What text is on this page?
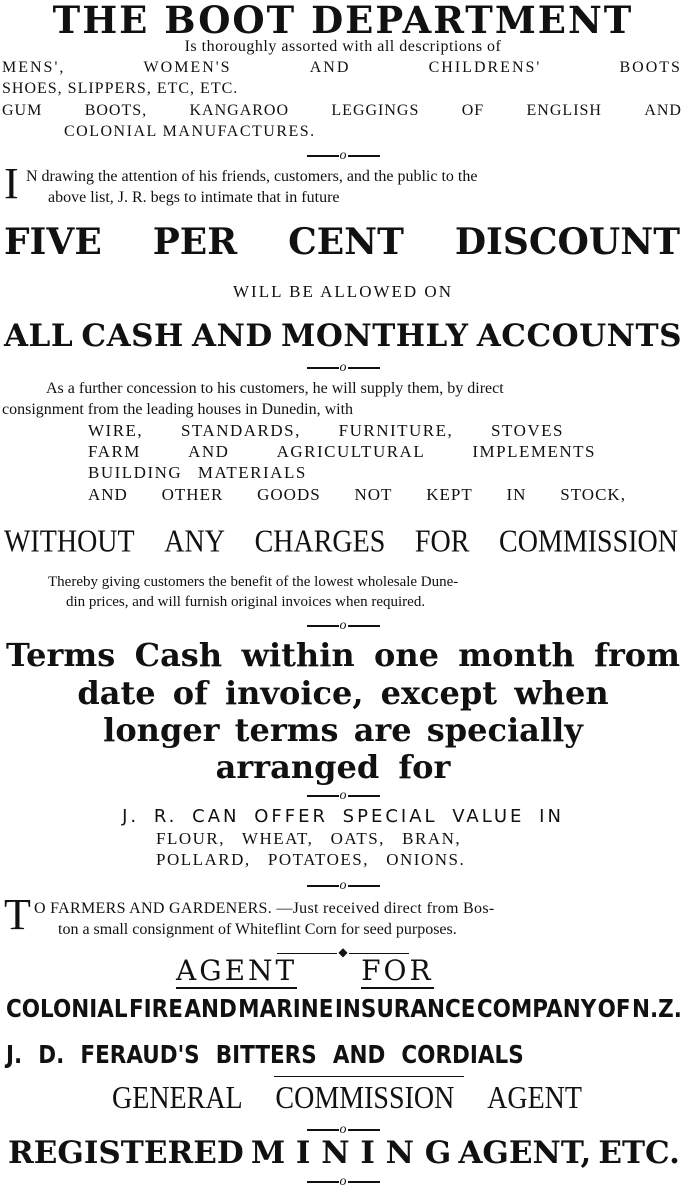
THE BOOT DEPARTMENT
Is thoroughly assorted with all descriptions of
MENS',	WOMEN'S	AND	CHILDRENS'	BOOTS
SHOES, SLIPPERS, ETC, ETC.
GUM	BOOTS,	KANGAROO	LEGGINGS	OF	ENGLISH	AND
COLONIAL MANUFACTURES.
o
I N drawing the attention of his friends, customers, and the public to the
above list, J. R. begs to intimate that in future
FIVE PER CENT DISCOUNT
WILL BE ALLOWED ON
ALL CASH AND MONTHLY ACCOUNTS
o
As a further concession to his customers, he will supply them, by direct
consignment from the leading houses in Dunedin, with
WIRE, STANDARDS, FURNITURE, STOVES
FARM	AND	AGRICULTURAL	IMPLEMENTS
BUILDING MATERIALS
AND OTHER GOODS NOT KEPT IN STOCK,
WITHOUT ANY CHARGES FOR COMMISSION
Thereby giving customers the benefit of the lowest wholesale Dune-
din prices, and will furnish original invoices when required.
o
Terms Cash within one month from
date of invoice, except when
longer terms are specially
arranged for
o
J. R. CAN OFFER SPECIAL VALUE IN
FLOUR,   WHEAT,   OATS,   BRAN,
POLLARD,   POTATOES,   ONIONS.
o
T O FARMERS AND GARDENERS. —Just received direct from Bos-
ton a small consignment of Whiteflint Corn for seed purposes.
◆
AGENT FOR
COLONIAL FIRE AND MARINE INSURANCE COMPANY OF N.Z.
J. D. FERAUD'S BITTERS AND CORDIALS
GENERAL COMMISSION AGENT
o
REGISTERED M I N I N G AGENT, ETC.
o
